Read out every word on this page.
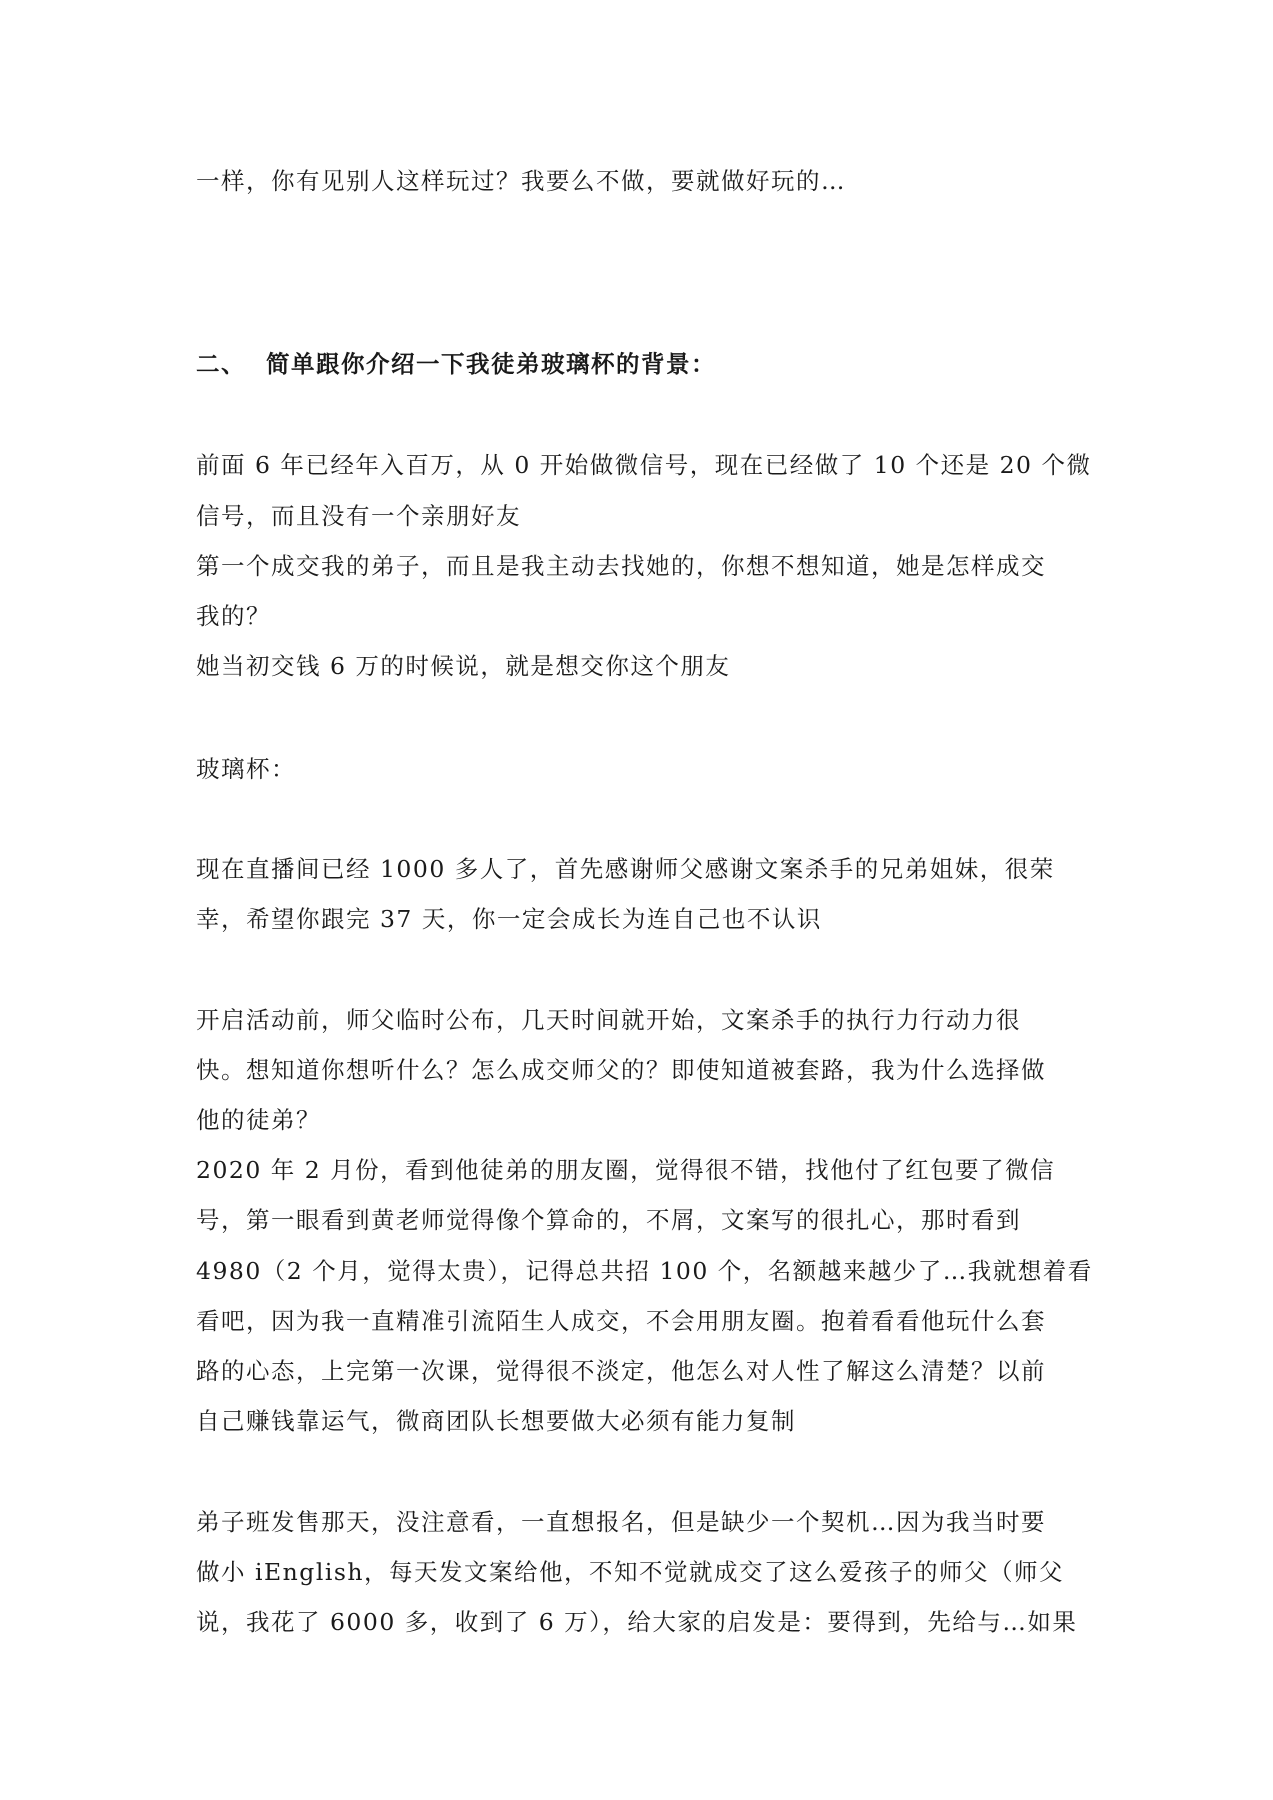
一样，你有见别人这样玩过？我要么不做，要就做好玩的…
二、 简单跟你介绍一下我徒弟玻璃杯的背景：
前面 6 年已经年入百万，从 0 开始做微信号，现在已经做了 10 个还是 20 个微
信号，而且没有一个亲朋好友
第一个成交我的弟子，而且是我主动去找她的，你想不想知道，她是怎样成交
我的？
她当初交钱 6 万的时候说，就是想交你这个朋友
玻璃杯：
现在直播间已经 1000 多人了，首先感谢师父感谢文案杀手的兄弟姐妹，很荣
幸，希望你跟完 37 天，你一定会成长为连自己也不认识
开启活动前，师父临时公布，几天时间就开始，文案杀手的执行力行动力很
快。想知道你想听什么？怎么成交师父的？即使知道被套路，我为什么选择做
他的徒弟？
2020 年 2 月份，看到他徒弟的朋友圈，觉得很不错，找他付了红包要了微信
号，第一眼看到黄老师觉得像个算命的，不屑，文案写的很扎心，那时看到
4980（2 个月，觉得太贵），记得总共招 100 个，名额越来越少了…我就想着看
看吧，因为我一直精准引流陌生人成交，不会用朋友圈。抱着看看他玩什么套
路的心态，上完第一次课，觉得很不淡定，他怎么对人性了解这么清楚？以前
自己赚钱靠运气，微商团队长想要做大必须有能力复制
弟子班发售那天，没注意看，一直想报名，但是缺少一个契机…因为我当时要
做小 iEnglish，每天发文案给他，不知不觉就成交了这么爱孩子的师父（师父
说，我花了 6000 多，收到了 6 万），给大家的启发是：要得到，先给与…如果
